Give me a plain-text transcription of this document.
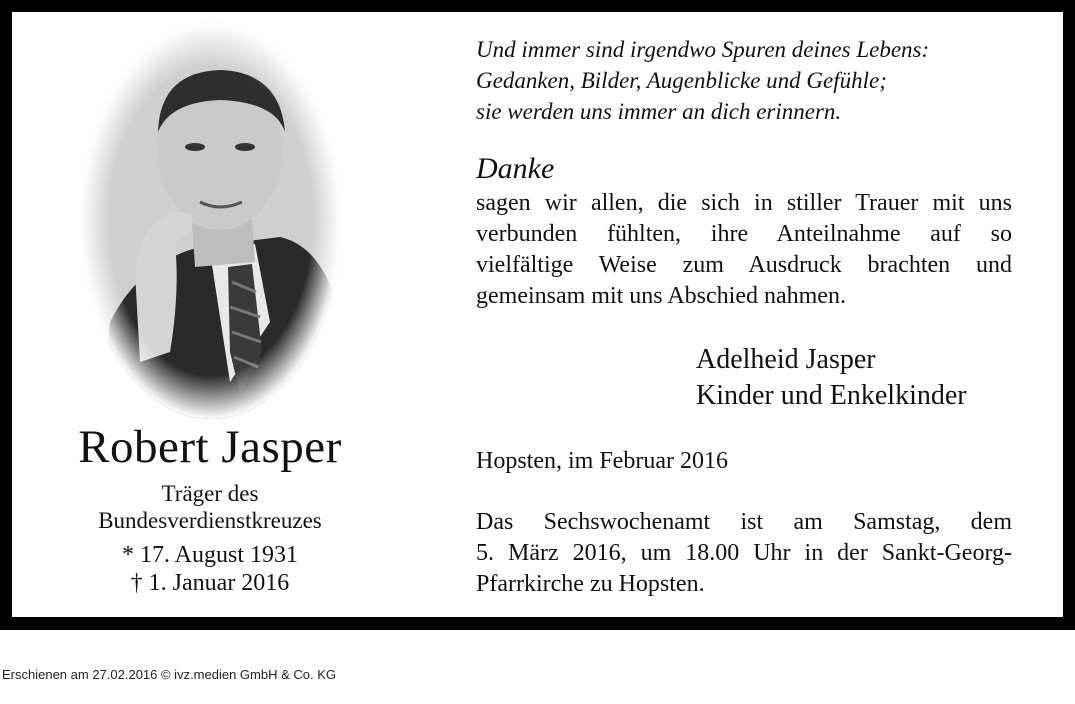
Robert Jasper
Träger des
Bundesverdienstkreuzes
* 17. August 1931
† 1. Januar 2016
Und immer sind irgendwo Spuren deines Lebens:
Gedanken, Bilder, Augenblicke und Gefühle;
sie werden uns immer an dich erinnern.
Danke
sagen wir allen, die sich in stiller Trauer mit uns
verbunden fühlten, ihre Anteilnahme auf so
vielfältige Weise zum Ausdruck brachten und
gemeinsam mit uns Abschied nahmen.
Adelheid Jasper
Kinder und Enkelkinder
Hopsten, im Februar 2016
Das Sechswochenamt ist am Samstag, dem
5. März 2016, um 18.00 Uhr in der Sankt-Georg-
Pfarrkirche zu Hopsten.
Erschienen am 27.02.2016 © ivz.medien GmbH & Co. KG
